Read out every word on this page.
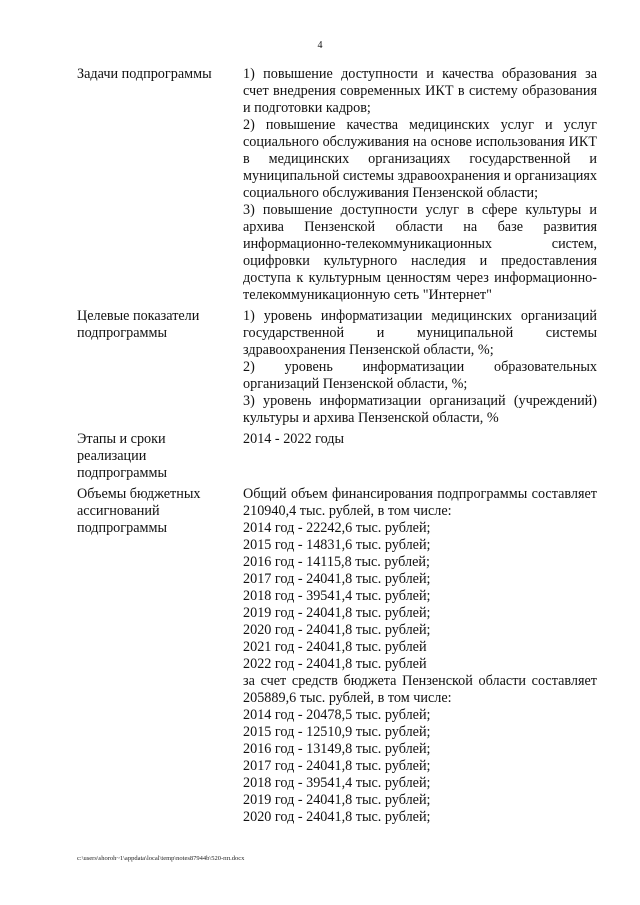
4
Задачи подпрограммы	1) повышение доступности и качества образования за счет внедрения современных ИКТ в систему образования и подготовки кадров;
2) повышение качества медицинских услуг и услуг социального обслуживания на основе использования ИКТ в медицинских организациях государственной и муниципальной системы здравоохранения и организациях социального обслуживания Пензенской области;
3) повышение доступности услуг в сфере культуры и архива Пензенской области на базе развития информационно-телекоммуникационных систем, оцифровки культурного наследия и предоставления доступа к культурным ценностям через информационно-телекоммуникационную сеть "Интернет"
Целевые показатели
подпрограммы
1) уровень информатизации медицинских организаций государственной и муниципальной системы здравоохранения Пензенской области, %;
2) уровень информатизации образовательных организаций Пензенской области, %;
3) уровень информатизации организаций (учреждений) культуры и архива Пензенской области, %
Этапы и сроки
реализации
подпрограммы
2014 - 2022 годы
Объемы бюджетных
ассигнований
подпрограммы
Общий объем финансирования подпрограммы составляет 210940,4 тыс. рублей, в том числе:
2014 год - 22242,6 тыс. рублей;
2015 год - 14831,6 тыс. рублей;
2016 год - 14115,8 тыс. рублей;
2017 год - 24041,8 тыс. рублей;
2018 год - 39541,4 тыс. рублей;
2019 год - 24041,8 тыс. рублей;
2020 год - 24041,8 тыс. рублей;
2021 год - 24041,8 тыс. рублей
2022 год - 24041,8 тыс. рублей
за счет средств бюджета Пензенской области составляет 205889,6 тыс. рублей, в том числе:
2014 год - 20478,5 тыс. рублей;
2015 год - 12510,9 тыс. рублей;
2016 год - 13149,8 тыс. рублей;
2017 год - 24041,8 тыс. рублей;
2018 год - 39541,4 тыс. рублей;
2019 год - 24041,8 тыс. рублей;
2020 год - 24041,8 тыс. рублей;
c:\users\shoroh~1\appdata\local\temp\notes87944b\520-пп.docx
